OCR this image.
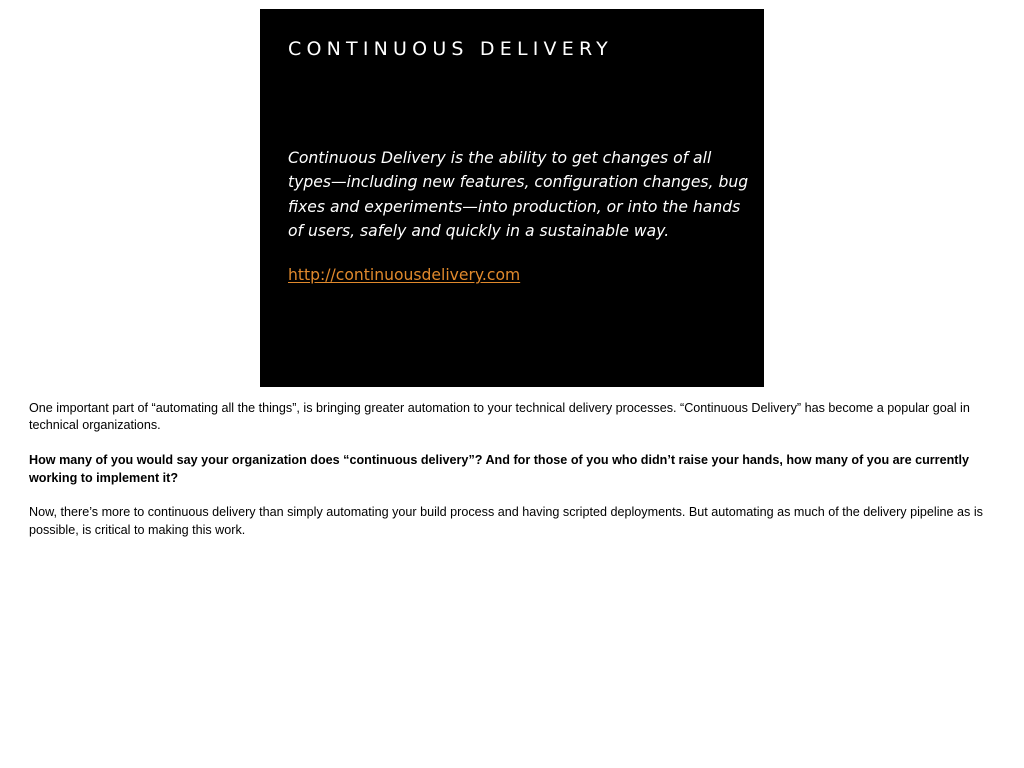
CONTINUOUS DELIVERY

Continuous Delivery is the ability to get changes of all types—including new features, configuration changes, bug fixes and experiments—into production, or into the hands of users, safely and quickly in a sustainable way.

http://continuousdelivery.com

One important part of “automating all the things”, is bringing greater automation to your technical delivery processes. “Continuous Delivery” has become a popular goal in technical organizations.

How many of you would say your organization does “continuous delivery”? And for those of you who didn’t raise your hands, how many of you are currently working to implement it?

Now, there’s more to continuous delivery than simply automating your build process and having scripted deployments. But automating as much of the delivery pipeline as is possible, is critical to making this work.
